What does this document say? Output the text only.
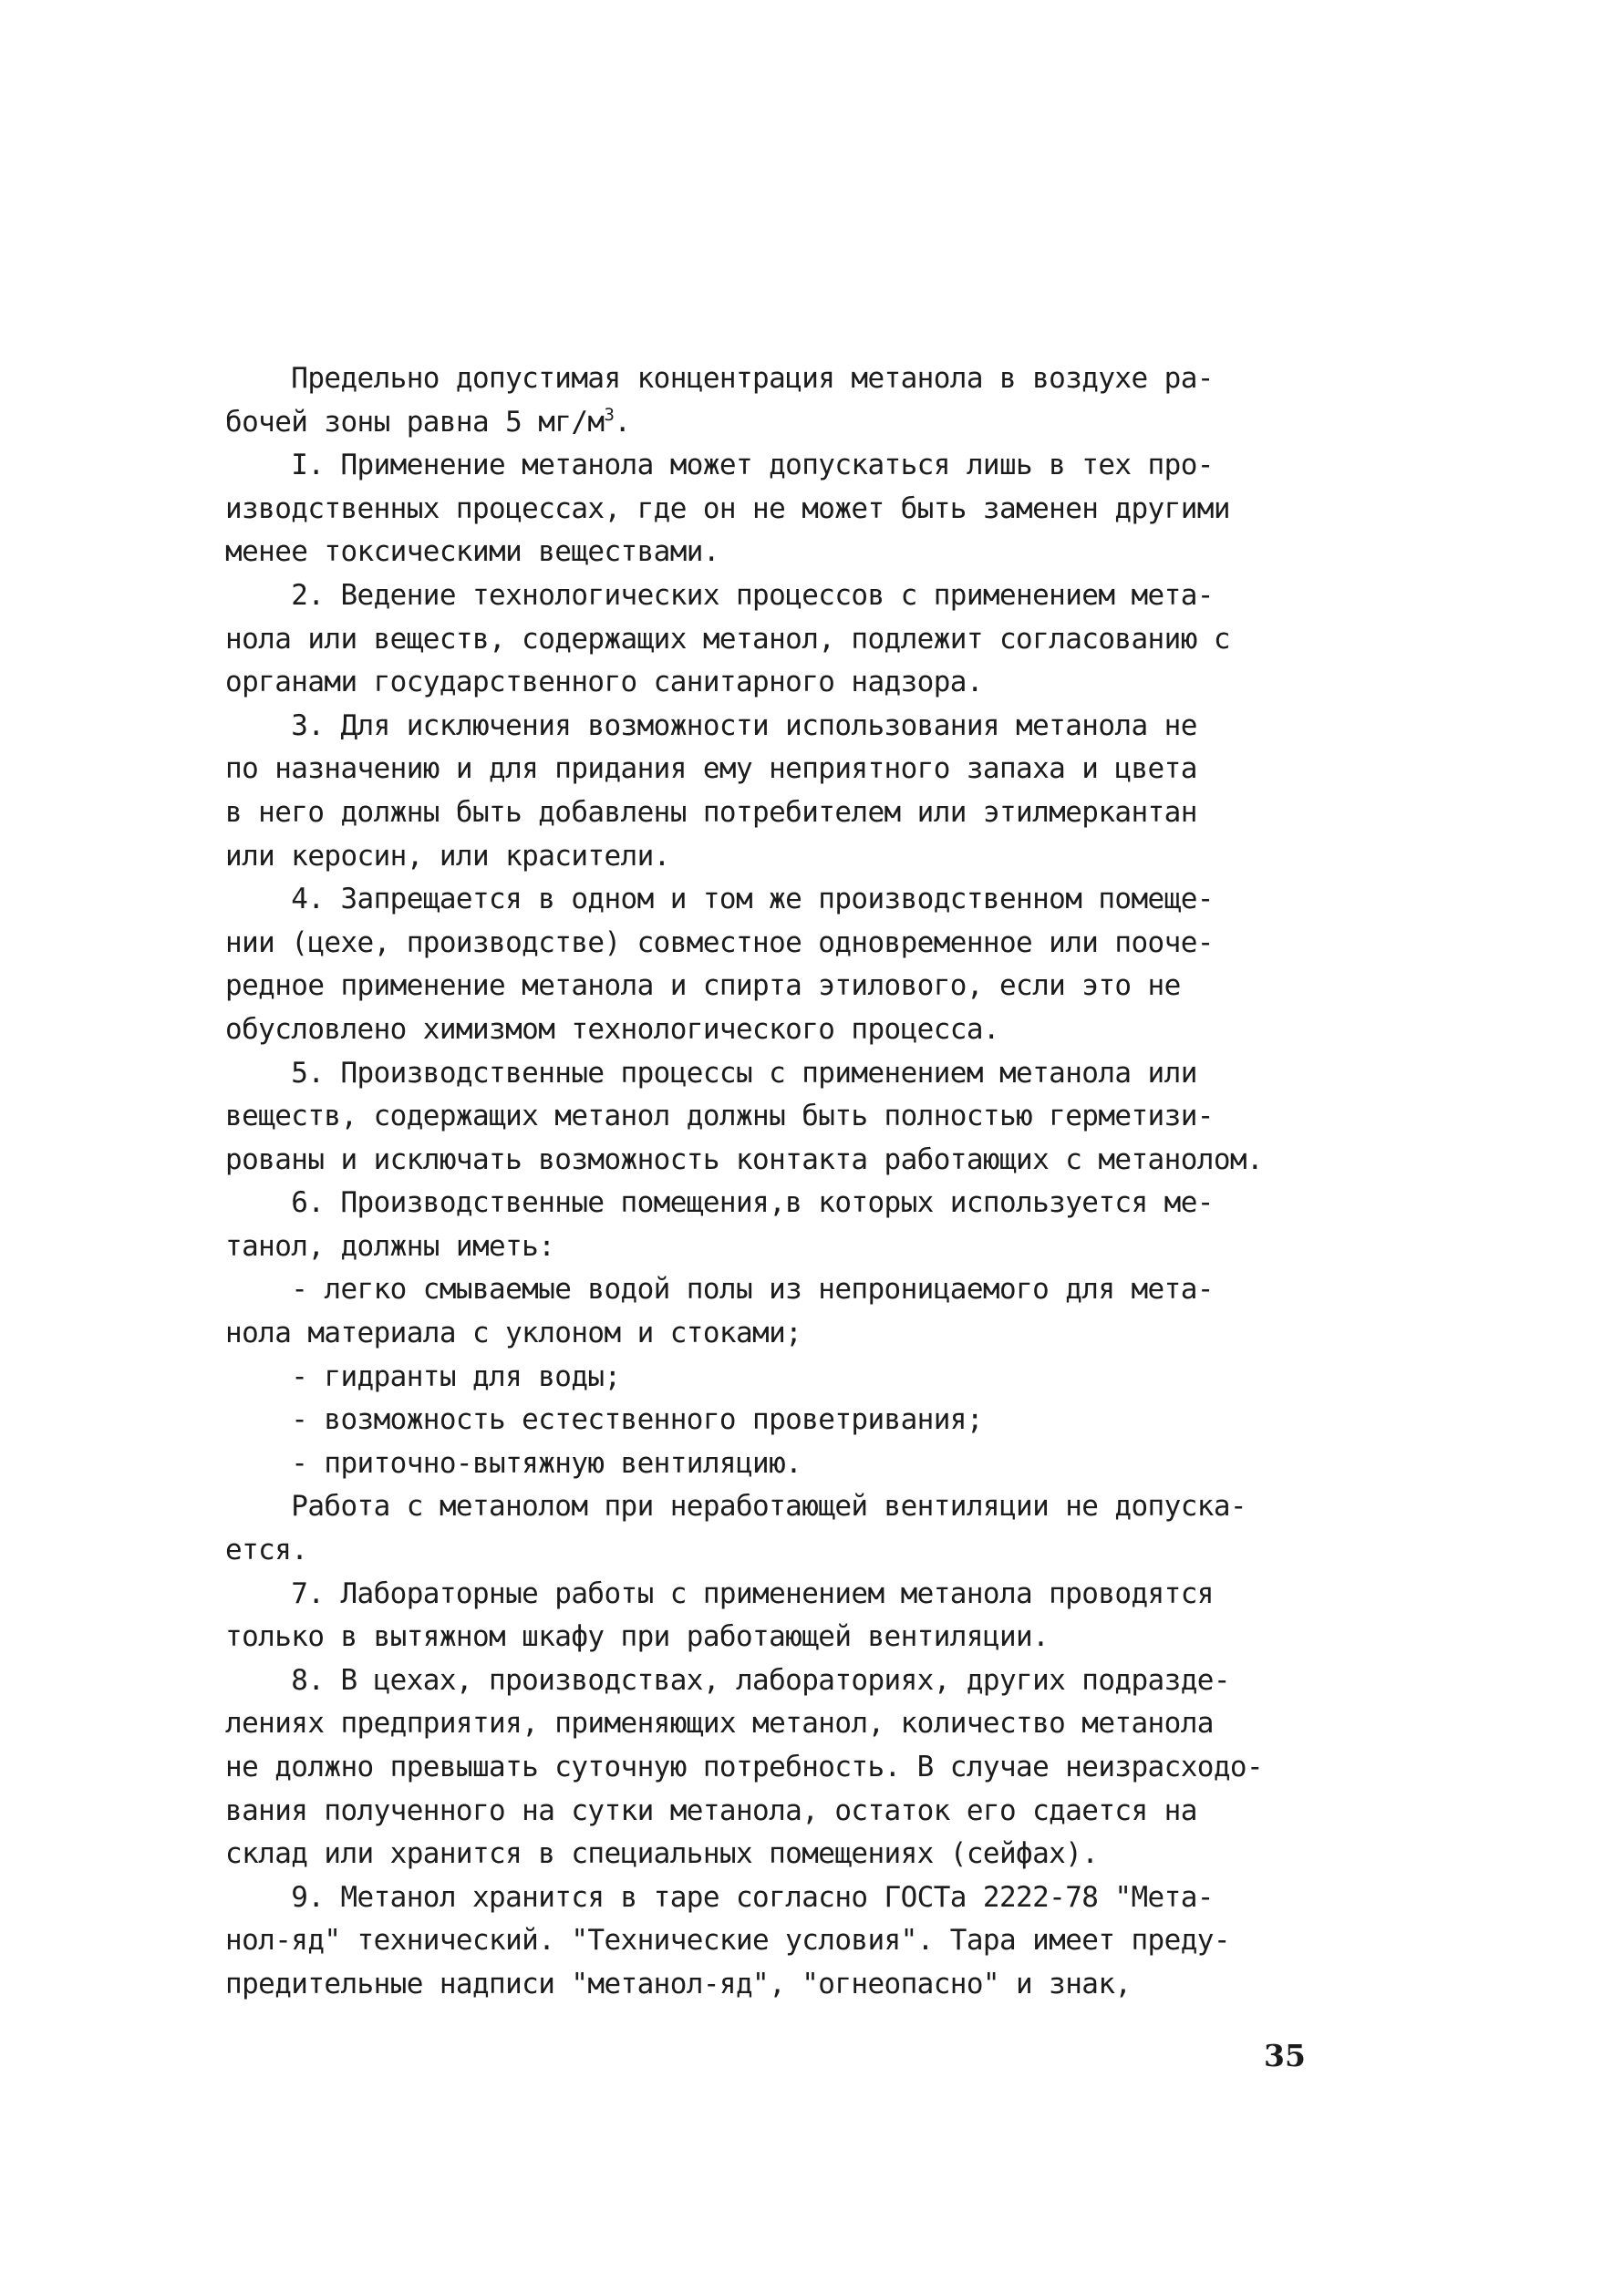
Предельно допустимая концентрация метанола в воздухе ра-
бочей зоны равна 5 $мг/м^3$.
I. Применение метанола может допускаться лишь в тех про-
изводственных процессах, где он не может быть заменен другими
менее токсическими веществами.
2. Ведение технологических процессов с применением мета-
нола или веществ, содержащих метанол, подлежит согласованию с
органами государственного санитарного надзора.
3. Для исключения возможности использования метанола не
по назначению и для придания ему неприятного запаха и цвета
в него должны быть добавлены потребителем или этилмеркантан
или керосин, или красители.
4. Запрещается в одном и том же производственном помеще-
нии (цехе, производстве) совместное одновременное или пооче-
редное применение метанола и спирта этилового, если это не
обусловлено химизмом технологического процесса.
5. Производственные процессы с применением метанола или
веществ, содержащих метанол должны быть полностью герметизи-
рованы и исключать возможность контакта работающих с метанолом.
6. Производственные помещения,в которых используется ме-
танол, должны иметь:
- легко смываемые водой полы из непроницаемого для мета-
нола материала с уклоном и стоками;
- гидранты для воды;
- возможность естественного проветривания;
- приточно-вытяжную вентиляцию.
Работа с метанолом при неработающей вентиляции не допуска-
ется.
7. Лабораторные работы с применением метанола проводятся
только в вытяжном шкафу при работающей вентиляции.
8. В цехах, производствах, лабораториях, других подразде-
лениях предприятия, применяющих метанол, количество метанола
не должно превышать суточную потребность. В случае неизрасходо-
вания полученного на сутки метанола, остаток его сдается на
склад или хранится в специальных помещениях (сейфах).
9. Метанол хранится в таре согласно ГОСТа 2222-78 "Мета-
нол-яд" технический. "Технические условия". Тара имеет преду-
предительные надписи "метанол-яд", "огнеопасно" и знак,
35
